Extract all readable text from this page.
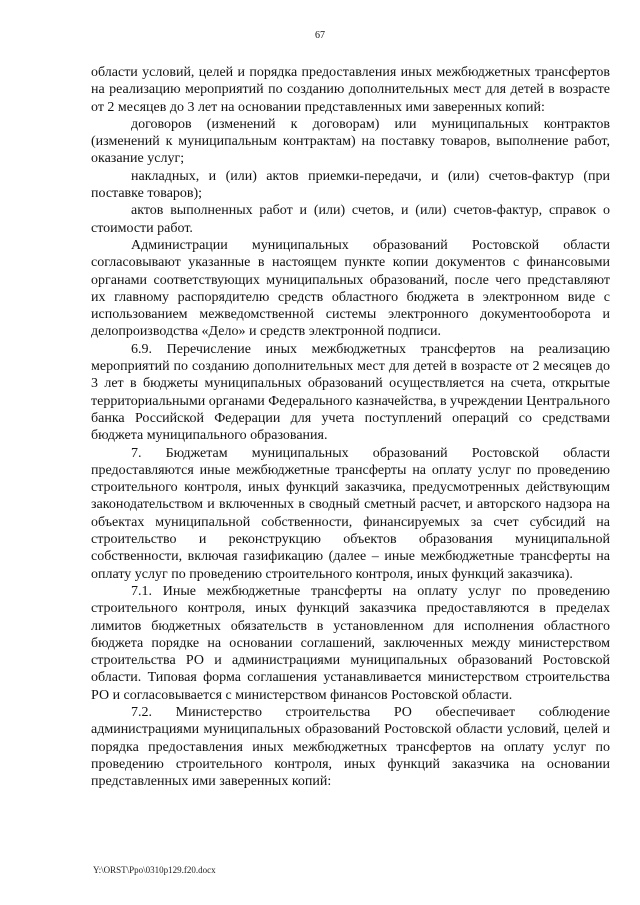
67

области условий, целей и порядка предоставления иных межбюджетных трансфертов на реализацию мероприятий по созданию дополнительных мест для детей в возрасте от 2 месяцев до 3 лет на основании представленных ими заверенных копий:

договоров (изменений к договорам) или муниципальных контрактов (изменений к муниципальным контрактам) на поставку товаров, выполнение работ, оказание услуг;

накладных, и (или) актов приемки-передачи, и (или) счетов-фактур (при поставке товаров);

актов выполненных работ и (или) счетов, и (или) счетов-фактур, справок о стоимости работ.

Администрации муниципальных образований Ростовской области согласовывают указанные в настоящем пункте копии документов с финансовыми органами соответствующих муниципальных образований, после чего представляют их главному распорядителю средств областного бюджета в электронном виде с использованием межведомственной системы электронного документооборота и делопроизводства «Дело» и средств электронной подписи.

6.9. Перечисление иных межбюджетных трансфертов на реализацию мероприятий по созданию дополнительных мест для детей в возрасте от 2 месяцев до 3 лет в бюджеты муниципальных образований осуществляется на счета, открытые территориальными органами Федерального казначейства, в учреждении Центрального банка Российской Федерации для учета поступлений операций со средствами бюджета муниципального образования.

7. Бюджетам муниципальных образований Ростовской области предоставляются иные межбюджетные трансферты на оплату услуг по проведению строительного контроля, иных функций заказчика, предусмотренных действующим законодательством и включенных в сводный сметный расчет, и авторского надзора на объектах муниципальной собственности, финансируемых за счет субсидий на строительство и реконструкцию объектов образования муниципальной собственности, включая газификацию (далее – иные межбюджетные трансферты на оплату услуг по проведению строительного контроля, иных функций заказчика).

7.1. Иные межбюджетные трансферты на оплату услуг по проведению строительного контроля, иных функций заказчика предоставляются в пределах лимитов бюджетных обязательств в установленном для исполнения областного бюджета порядке на основании соглашений, заключенных между министерством строительства РО и администрациями муниципальных образований Ростовской области. Типовая форма соглашения устанавливается министерством строительства РО и согласовывается с министерством финансов Ростовской области.

7.2. Министерство строительства РО обеспечивает соблюдение администрациями муниципальных образований Ростовской области условий, целей и порядка предоставления иных межбюджетных трансфертов на оплату услуг по проведению строительного контроля, иных функций заказчика на основании представленных ими заверенных копий:

Y:\ORST\Ppo\0310p129.f20.docx
